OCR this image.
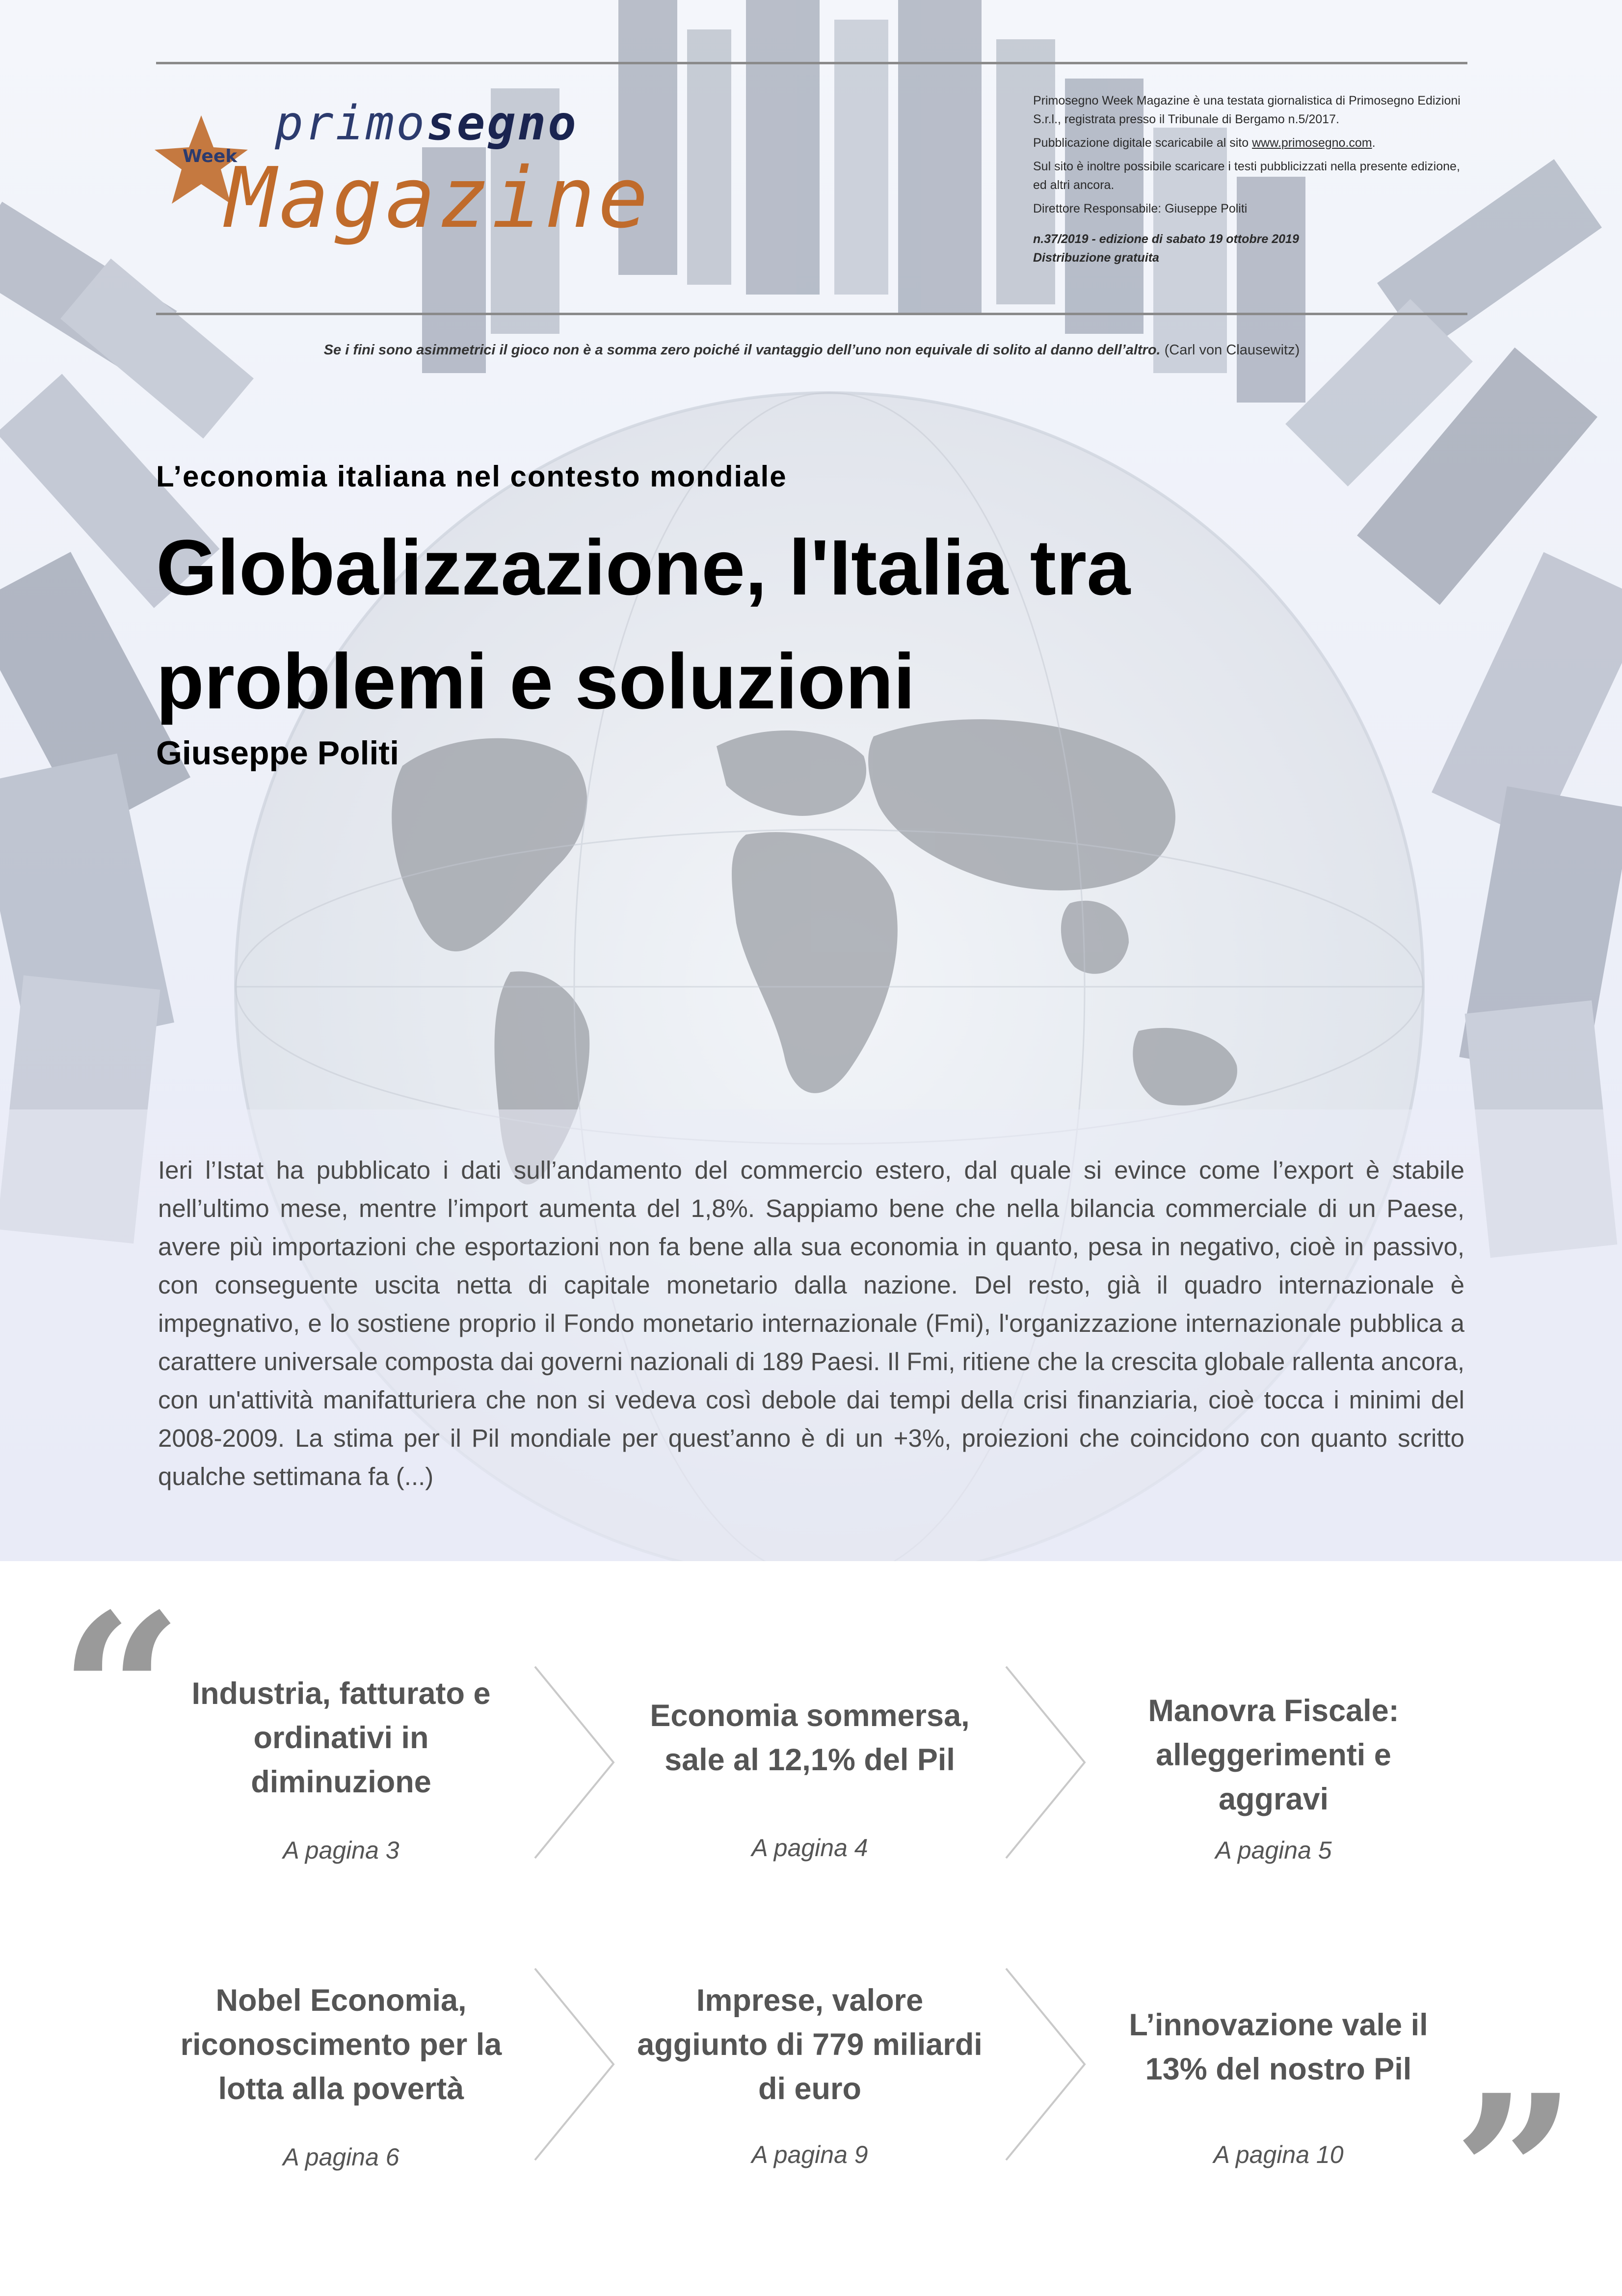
Week
primosegno
Magazine

Primosegno Week Magazine è una testata giornalistica di Primosegno Edizioni S.r.l., registrata presso il Tribunale di Bergamo n.5/2017.

Pubblicazione digitale scaricabile al sito www.primosegno.com.

Sul sito è inoltre possibile scaricare i testi pubblicizzati nella presente edizione, ed altri ancora.

Direttore Responsabile: Giuseppe Politi

n.37/2019 - edizione di sabato 19 ottobre 2019
Distribuzione gratuita

Se i fini sono asimmetrici il gioco non è a somma zero poiché il vantaggio dell’uno non equivale di solito al danno dell’altro. (Carl von Clausewitz)
L’economia italiana nel contesto mondiale
Globalizzazione, l'Italia tra
problemi e soluzioni
Giuseppe Politi
Ieri l’Istat ha pubblicato i dati sull’andamento del commercio estero, dal quale si evince come l’export è stabile nell’ultimo mese, mentre l’import aumenta del 1,8%. Sappiamo bene che nella bilancia commerciale di un Paese, avere più importazioni che esportazioni non fa bene alla sua economia in quanto, pesa in negativo, cioè in passivo, con conseguente uscita netta di capitale monetario dalla nazione. Del resto, già il quadro internazionale è impegnativo, e lo sostiene proprio il Fondo monetario internazionale (Fmi), l'organizzazione internazionale pubblica a carattere universale composta dai governi nazionali di 189 Paesi. Il Fmi, ritiene che la crescita globale rallenta ancora, con un'attività manifatturiera che non si vedeva così debole dai tempi della crisi finanziaria, cioè tocca i minimi del 2008-2009. La stima per il Pil mondiale per quest’anno è di un +3%, proiezioni che coincidono con quanto scritto qualche settimana fa (...)
“
”
Industria, fatturato e ordinativi in diminuzione
A pagina 3
Economia sommersa, sale al 12,1% del Pil
A pagina 4
Manovra Fiscale: alleggerimenti e aggravi
A pagina 5
Nobel Economia, riconoscimento per la lotta alla povertà
A pagina 6
Imprese, valore aggiunto di 779 miliardi di euro
A pagina 9
L’innovazione vale il 13% del nostro Pil
A pagina 10
